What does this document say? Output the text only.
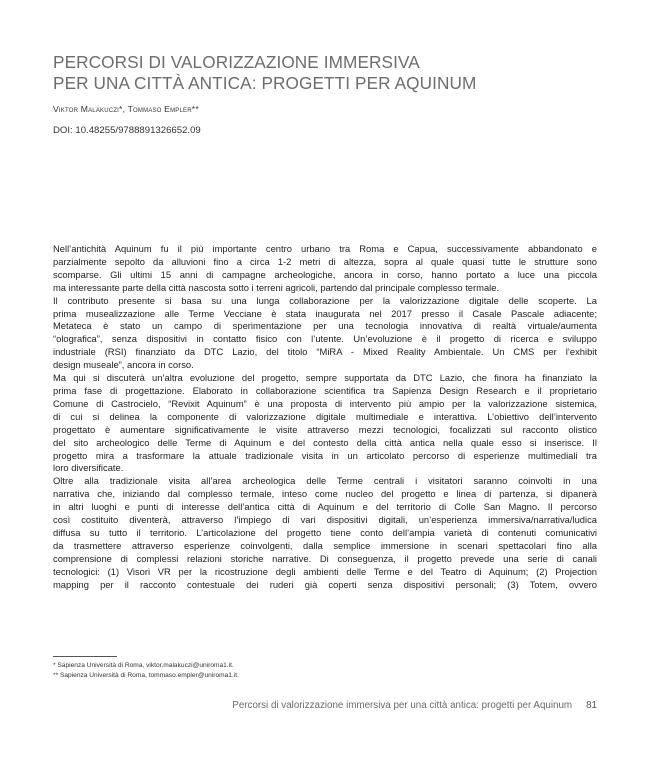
PERCORSI DI VALORIZZAZIONE IMMERSIVA
PER UNA CITTÀ ANTICA: PROGETTI PER AQUINUM
Viktor Malakuczi*, Tommaso Empler**
DOI: 10.48255/9788891326652.09

Nell’antichità Aquinum fu il più importante centro urbano tra Roma e Capua, successivamente abbandonato e
parzialmente sepolto da alluvioni fino a circa 1-2 metri di altezza, sopra al quale quasi tutte le strutture sono
scomparse. Gli ultimi 15 anni di campagne archeologiche, ancora in corso, hanno portato a luce una piccola
ma interessante parte della città nascosta sotto i terreni agricoli, partendo dal principale complesso termale.

Il contributo presente si basa su una lunga collaborazione per la valorizzazione digitale delle scoperte. La
prima musealizzazione alle Terme Vecciane è stata inaugurata nel 2017 presso il Casale Pascale adiacente;
Metateca è stato un campo di sperimentazione per una tecnologia innovativa di realtà virtuale/aumenta
“olografica”, senza dispositivi in contatto fisico con l’utente. Un’evoluzione è il progetto di ricerca e sviluppo
industriale (RSI) finanziato da DTC Lazio, del titolo “MiRA - Mixed Reality Ambientale. Un CMS per l’exhibit
design museale”, ancora in corso.

Ma qui si discuterà un’altra evoluzione del progetto, sempre supportata da DTC Lazio, che finora ha finanziato la
prima fase di progettazione. Elaborato in collaborazione scientifica tra Sapienza Design Research e il proprietario
Comune di Castrocielo, “Revixit Aquinum” è una proposta di intervento più ampio per la valorizzazione sistemica,
di cui si delinea la componente di valorizzazione digitale multimediale e interattiva. L’obiettivo dell’intervento
progettato è aumentare significativamente le visite attraverso mezzi tecnologici, focalizzati sul racconto olistico
del sito archeologico delle Terme di Aquinum e del contesto della città antica nella quale esso si inserisce. Il
progetto mira a trasformare la attuale tradizionale visita in un articolato percorso di esperienze multimediali tra
loro diversificate.

Oltre alla tradizionale visita all’area archeologica delle Terme centrali i visitatori saranno coinvolti in una
narrativa che, iniziando dal complesso termale, inteso come nucleo del progetto e linea di partenza, si dipanerà
in altri luoghi e punti di interesse dell’antica città di Aquinum e del territorio di Colle San Magno. Il percorso
così costituito diventerà, attraverso l’impiego di vari dispositivi digitali, un’esperienza immersiva/narrativa/ludica
diffusa su tutto il territorio. L’articolazione del progetto tiene conto dell’ampia varietà di contenuti comunicativi
da trasmettere attraverso esperienze coinvolgenti, dalla semplice immersione in scenari spettacolari fino alla
comprensione di complessi relazioni storiche narrative. Di conseguenza, il progetto prevede una serie di canali
tecnologici: (1) Visori VR per la ricostruzione degli ambienti delle Terme e del Teatro di Aquinum; (2) Projection
mapping per il racconto contestuale dei ruderi già coperti senza dispositivi personali; (3) Totem, ovvero

* Sapienza Università di Roma, viktor.malakuczi@uniroma1.it.
** Sapienza Università di Roma, tommaso.empler@uniroma1.it.
Percorsi di valorizzazione immersiva per una città antica: progetti per Aquinum 81
